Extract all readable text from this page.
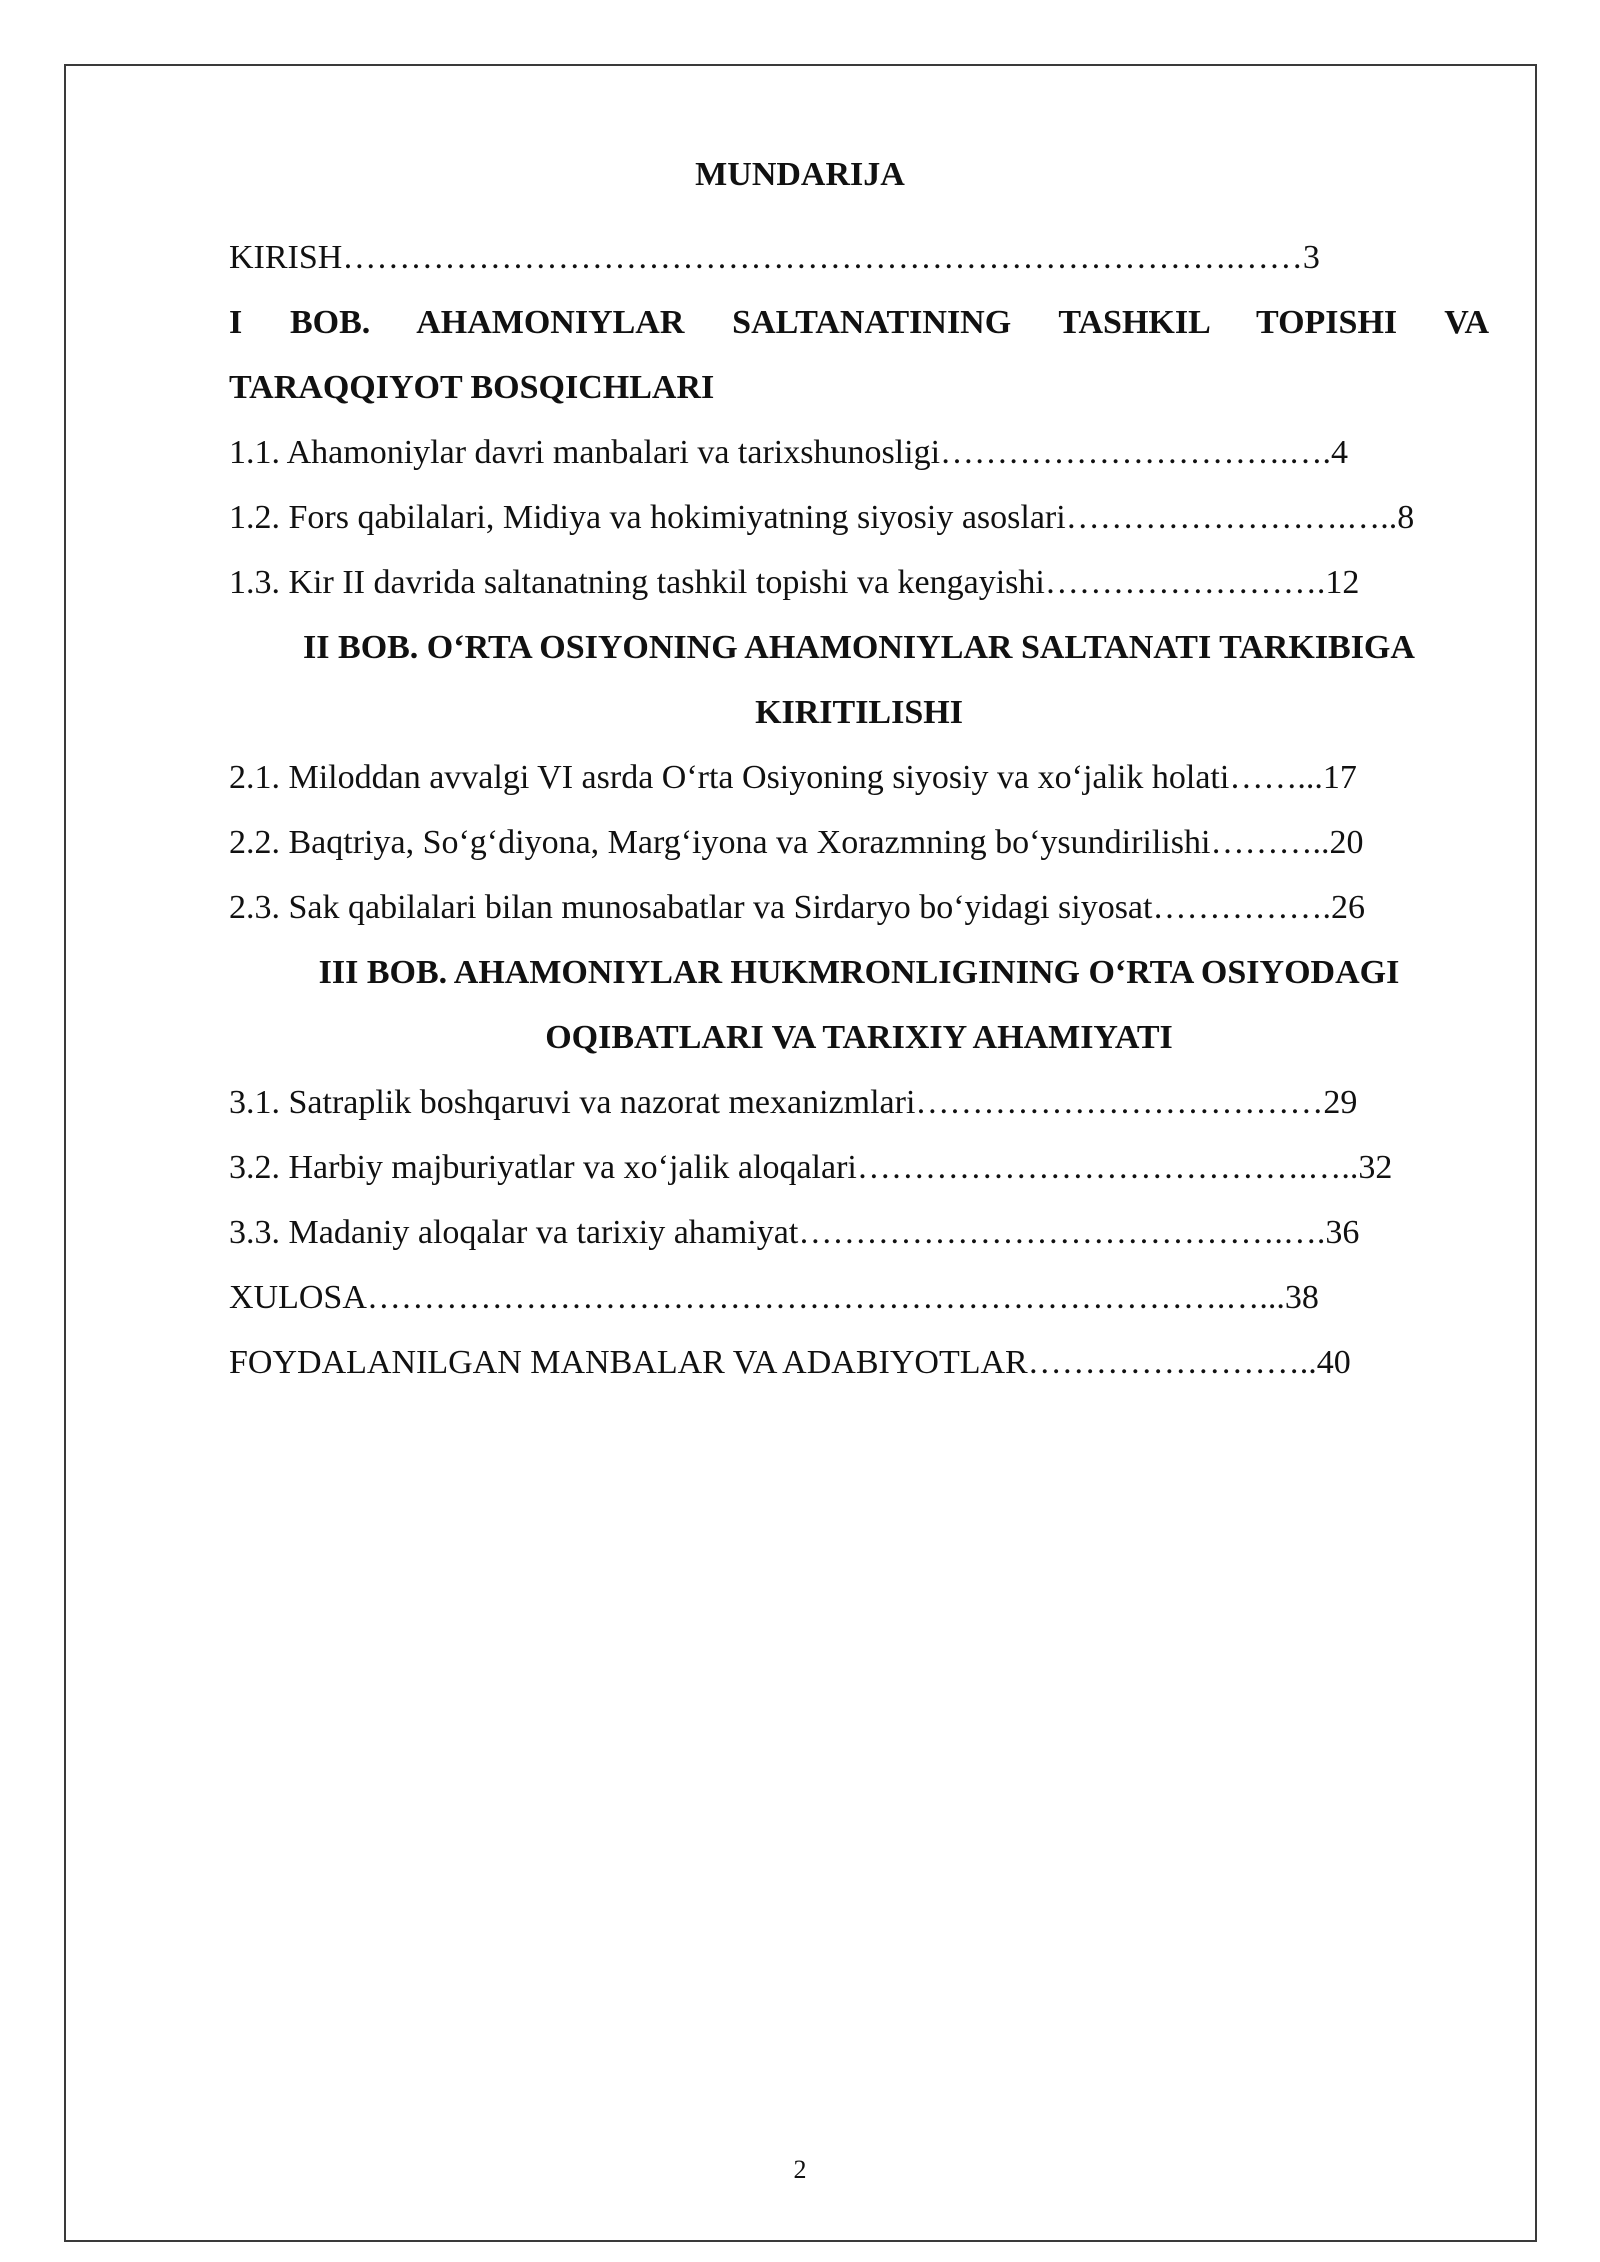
MUNDARIJA
KIRISH…………………………………………………………………….……3
I BOB. AHAMONIYLAR SALTANATINING TASHKIL TOPISHI VA
TARAQQIYOT BOSQICHLARI
1.1. Ahamoniylar davri manbalari va tarixshunosligi………………………….….4
1.2. Fors qabilalari, Midiya va hokimiyatning siyosiy asoslari…………………….…..8
1.3. Kir II davrida saltanatning tashkil topishi va kengayishi…………………….12
II BOB. O‘RTA OSIYONING AHAMONIYLAR SALTANATI TARKIBIGA
KIRITILISHI
2.1. Miloddan avvalgi VI asrda O‘rta Osiyoning siyosiy va xo‘jalik holati……...17
2.2. Baqtriya, So‘g‘diyona, Marg‘iyona va Xorazmning bo‘ysundirilishi………..20
2.3. Sak qabilalari bilan munosabatlar va Sirdaryo bo‘yidagi siyosat…………….26
III BOB. AHAMONIYLAR HUKMRONLIGINING O‘RTA OSIYODAGI
OQIBATLARI VA TARIXIY AHAMIYATI
3.1. Satraplik boshqaruvi va nazorat mexanizmlari………………………………29
3.2. Harbiy majburiyatlar va xo‘jalik aloqalari………………………………….…..32
3.3. Madaniy aloqalar va tarixiy ahamiyat…………………………………….….36
XULOSA………………………………………………………………….…...38
FOYDALANILGAN MANBALAR VA ADABIYOTLAR……………………..40
2
